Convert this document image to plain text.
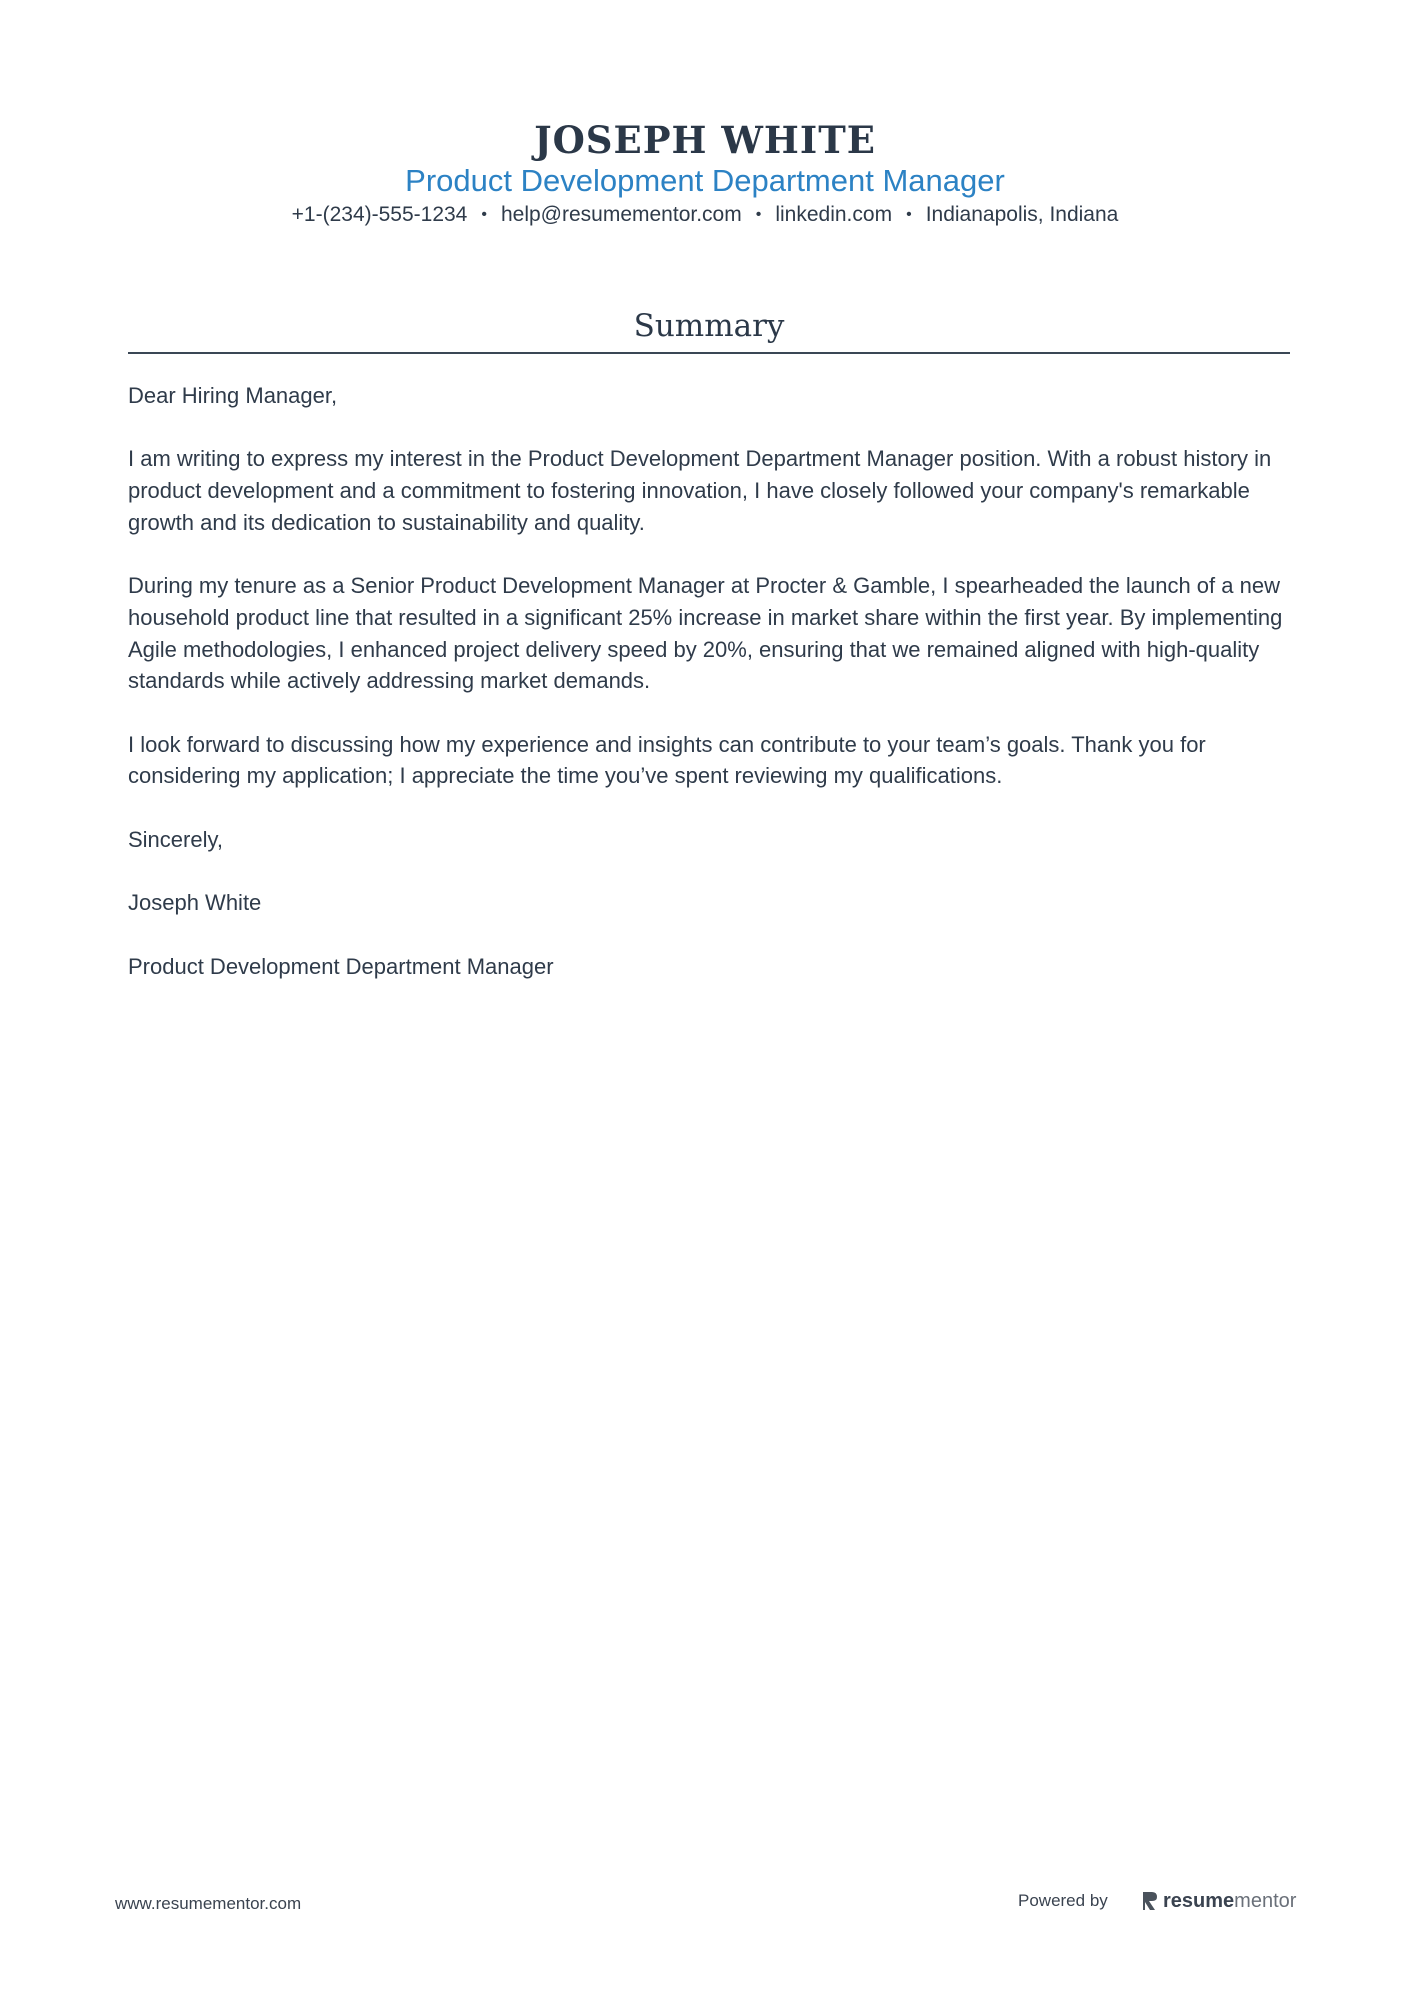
JOSEPH WHITE
Product Development Department Manager
+1-(234)-555-1234 • help@resumementor.com • linkedin.com • Indianapolis, Indiana
Summary

Dear Hiring Manager,

I am writing to express my interest in the Product Development Department Manager position. With a robust history in product development and a commitment to fostering innovation, I have closely followed your company's remarkable growth and its dedication to sustainability and quality.

During my tenure as a Senior Product Development Manager at Procter & Gamble, I spearheaded the launch of a new household product line that resulted in a significant 25% increase in market share within the first year. By implementing Agile methodologies, I enhanced project delivery speed by 20%, ensuring that we remained aligned with high-quality standards while actively addressing market demands.

I look forward to discussing how my experience and insights can contribute to your team’s goals. Thank you for considering my application; I appreciate the time you’ve spent reviewing my qualifications.

Sincerely,

Joseph White

Product Development Department Manager

www.resumementor.com	Powered by	resume mentor
